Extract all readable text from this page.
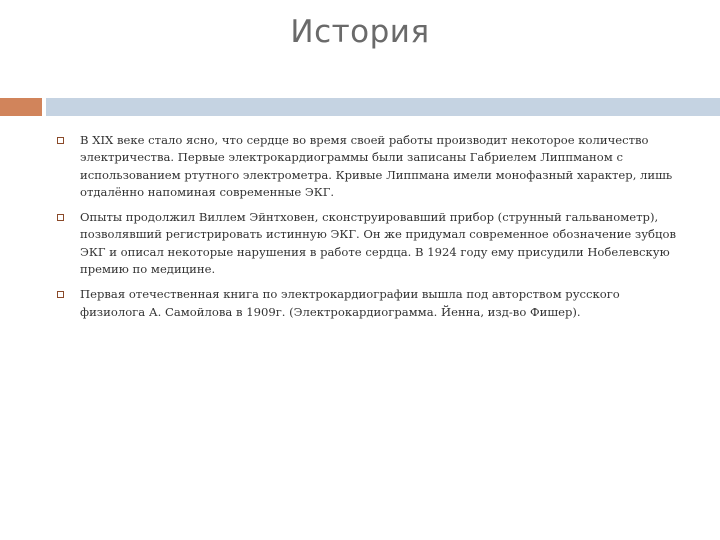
История
В XIX веке стало ясно, что сердце во время своей работы производит некоторое количество электричества. Первые электрокардиограммы были записаны Габриелем Липпманом с использованием ртутного электрометра. Кривые Липпмана имели монофазный характер, лишь отдалённо напоминая современные ЭКГ.
Опыты продолжил Виллем Эйнтховен, сконструировавший прибор (струнный гальванометр), позволявший регистрировать истинную ЭКГ. Он же придумал современное обозначение зубцов ЭКГ и описал некоторые нарушения в работе сердца. В 1924 году ему присудили Нобелевскую премию по медицине.
Первая отечественная книга по электрокардиографии вышла под авторством русского физиолога А. Самойлова в 1909г. (Электрокардиограмма. Йенна, изд-во Фишер).
